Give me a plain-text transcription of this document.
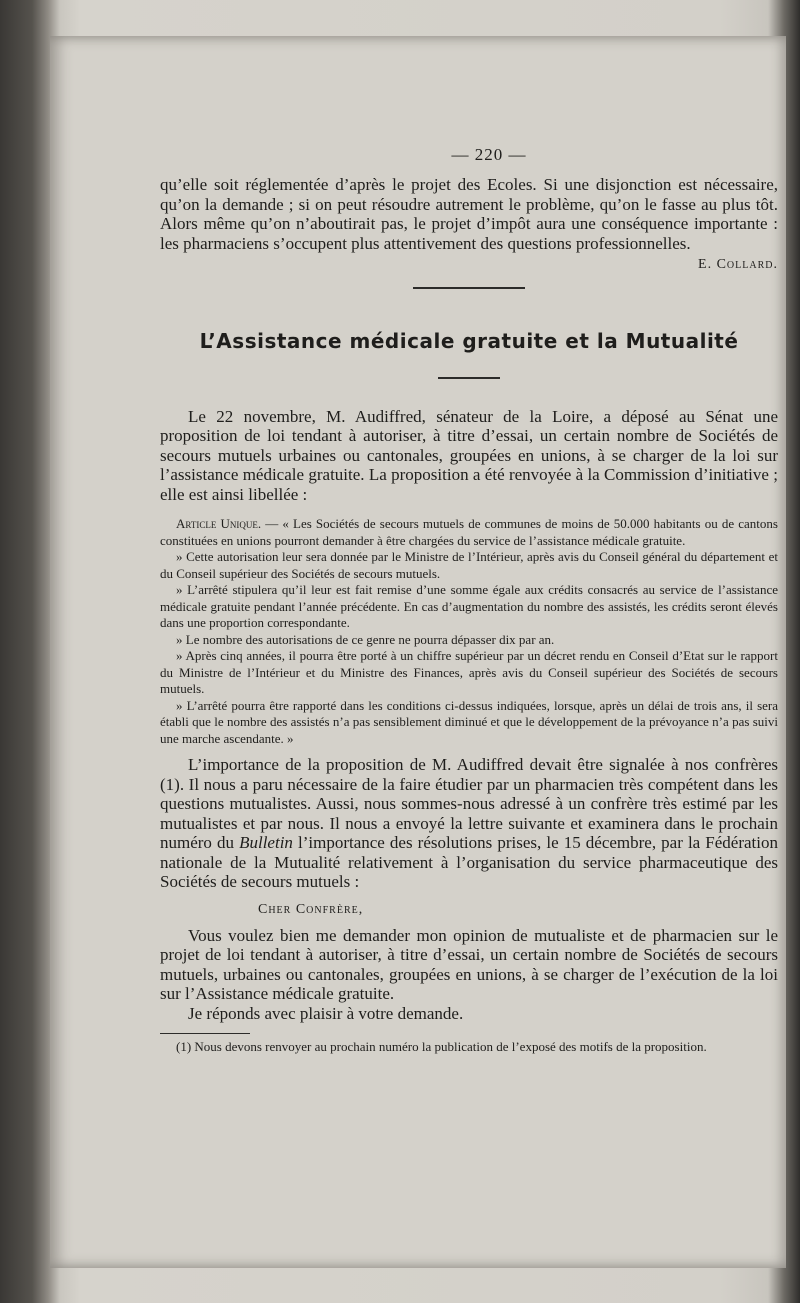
— 220 —

qu’elle soit réglementée d’après le projet des Ecoles. Si une disjonction est nécessaire, qu’on la demande ; si on peut résoudre autrement le problème, qu’on le fasse au plus tôt. Alors même qu’on n’aboutirait pas, le projet d’impôt aura une conséquence importante : les pharmaciens s’occupent plus attentivement des questions professionnelles.

E. Collard.

L’Assistance médicale gratuite et la Mutualité

Le 22 novembre, M. Audiffred, sénateur de la Loire, a déposé au Sénat une proposition de loi tendant à autoriser, à titre d’essai, un certain nombre de Sociétés de secours mutuels urbaines ou cantonales, groupées en unions, à se charger de la loi sur l’assistance médicale gratuite. La proposition a été renvoyée à la Commission d’initiative ; elle est ainsi libellée :

Article Unique. — « Les Sociétés de secours mutuels de communes de moins de 50.000 habitants ou de cantons constituées en unions pourront demander à être chargées du service de l’assistance médicale gratuite.

» Cette autorisation leur sera donnée par le Ministre de l’Intérieur, après avis du Conseil général du département et du Conseil supérieur des Sociétés de secours mutuels.

» L’arrêté stipulera qu’il leur est fait remise d’une somme égale aux crédits consacrés au service de l’assistance médicale gratuite pendant l’année précédente. En cas d’augmentation du nombre des assistés, les crédits seront élevés dans une proportion correspondante.

» Le nombre des autorisations de ce genre ne pourra dépasser dix par an.

» Après cinq années, il pourra être porté à un chiffre supérieur par un décret rendu en Conseil d’Etat sur le rapport du Ministre de l’Intérieur et du Ministre des Finances, après avis du Conseil supérieur des Sociétés de secours mutuels.

» L’arrêté pourra être rapporté dans les conditions ci-dessus indiquées, lorsque, après un délai de trois ans, il sera établi que le nombre des assistés n’a pas sensiblement diminué et que le développement de la prévoyance n’a pas suivi une marche ascendante. »

L’importance de la proposition de M. Audiffred devait être signalée à nos confrères (1). Il nous a paru nécessaire de la faire étudier par un pharmacien très compétent dans les questions mutualistes. Aussi, nous sommes-nous adressé à un confrère très estimé par les mutualistes et par nous. Il nous a envoyé la lettre suivante et examinera dans le prochain numéro du Bulletin l’importance des résolutions prises, le 15 décembre, par la Fédération nationale de la Mutualité relativement à l’organisation du service pharmaceutique des Sociétés de secours mutuels :

Cher Confrère,

Vous voulez bien me demander mon opinion de mutualiste et de pharmacien sur le projet de loi tendant à autoriser, à titre d’essai, un certain nombre de Sociétés de secours mutuels, urbaines ou cantonales, groupées en unions, à se charger de l’exécution de la loi sur l’Assistance médicale gratuite.

Je réponds avec plaisir à votre demande.

(1) Nous devons renvoyer au prochain numéro la publication de l’exposé des motifs de la proposition.
